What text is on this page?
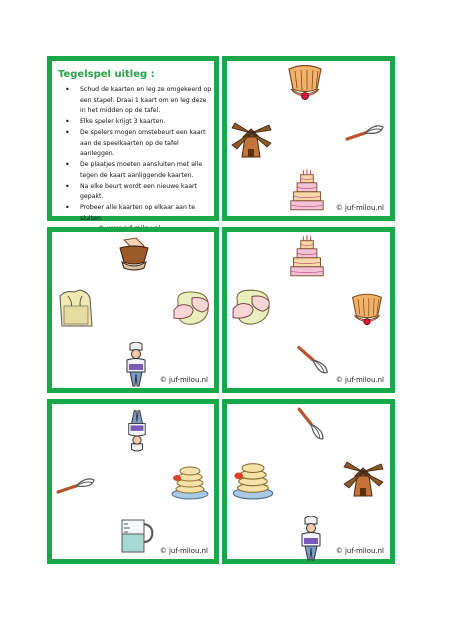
Tegelspel uitleg :
• Schud de kaarten en leg ze omgekeerd op een stapel. Draai 1 kaart om en leg deze in het midden op de tafel.
• Elke speler krijgt 3 kaarten.
• De spelers mogen omstebeurt een kaart aan de speelkaarten op de tafel aanleggen.
• De plaatjes moeten aansluiten met alle tegen de kaart aanliggende kaarten.
• Na elke beurt wordt een nieuwe kaart gepakt.
• Probeer alle kaarten op elkaar aan te sluiten.
© juf-milou.nl
© juf-milou.nl	© juf-milou.nl
© juf-milou.nl	© juf-milou.nl
